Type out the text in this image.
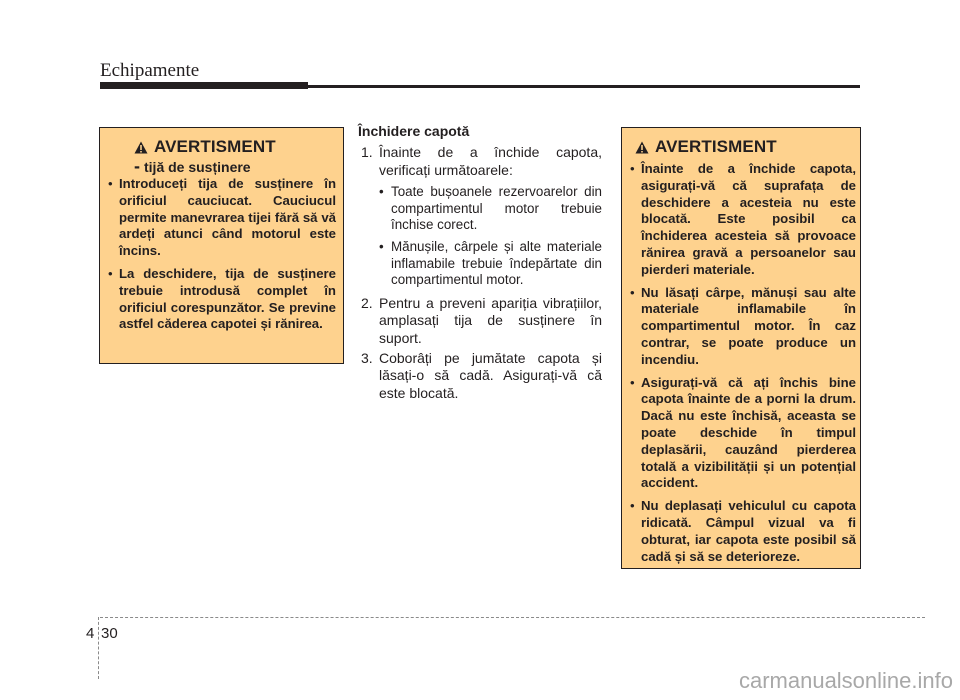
Echipamente
AVERTISMENT
- tijă de susținere
• Introduceți tija de susținere în orificiul cauciucat. Cauciucul permite manevrarea tijei fără să vă ardeți atunci când motorul este încins.
• La deschidere, tija de susținere trebuie introdusă complet în orificiul corespunzător. Se previne astfel căderea capotei și rănirea.
Închidere capotă
1. Înainte de a închide capota, verificați următoarele:
• Toate bușoanele rezervoarelor din compartimentul motor trebuie închise corect.
• Mănușile, cârpele și alte materiale inflamabile trebuie îndepărtate din compartimentul motor.
2. Pentru a preveni apariția vibrațiilor, amplasați tija de susținere în suport.
3. Coborâți pe jumătate capota și lăsați-o să cadă. Asigurați-vă că este blocată.
AVERTISMENT
• Înainte de a închide capota, asigurați-vă că suprafața de deschidere a acesteia nu este blocată. Este posibil ca închiderea acesteia să provoace rănirea gravă a persoanelor sau pierderi materiale.
• Nu lăsați cârpe, mănuși sau alte materiale inflamabile în compartimentul motor. În caz contrar, se poate produce un incendiu.
• Asigurați-vă că ați închis bine capota înainte de a porni la drum. Dacă nu este închisă, aceasta se poate deschide în timpul deplasării, cauzând pierderea totală a vizibilității și un potențial accident.
• Nu deplasați vehiculul cu capota ridicată. Câmpul vizual va fi obturat, iar capota este posibil să cadă și să se deterioreze.
4 30
carmanualsonline.info
